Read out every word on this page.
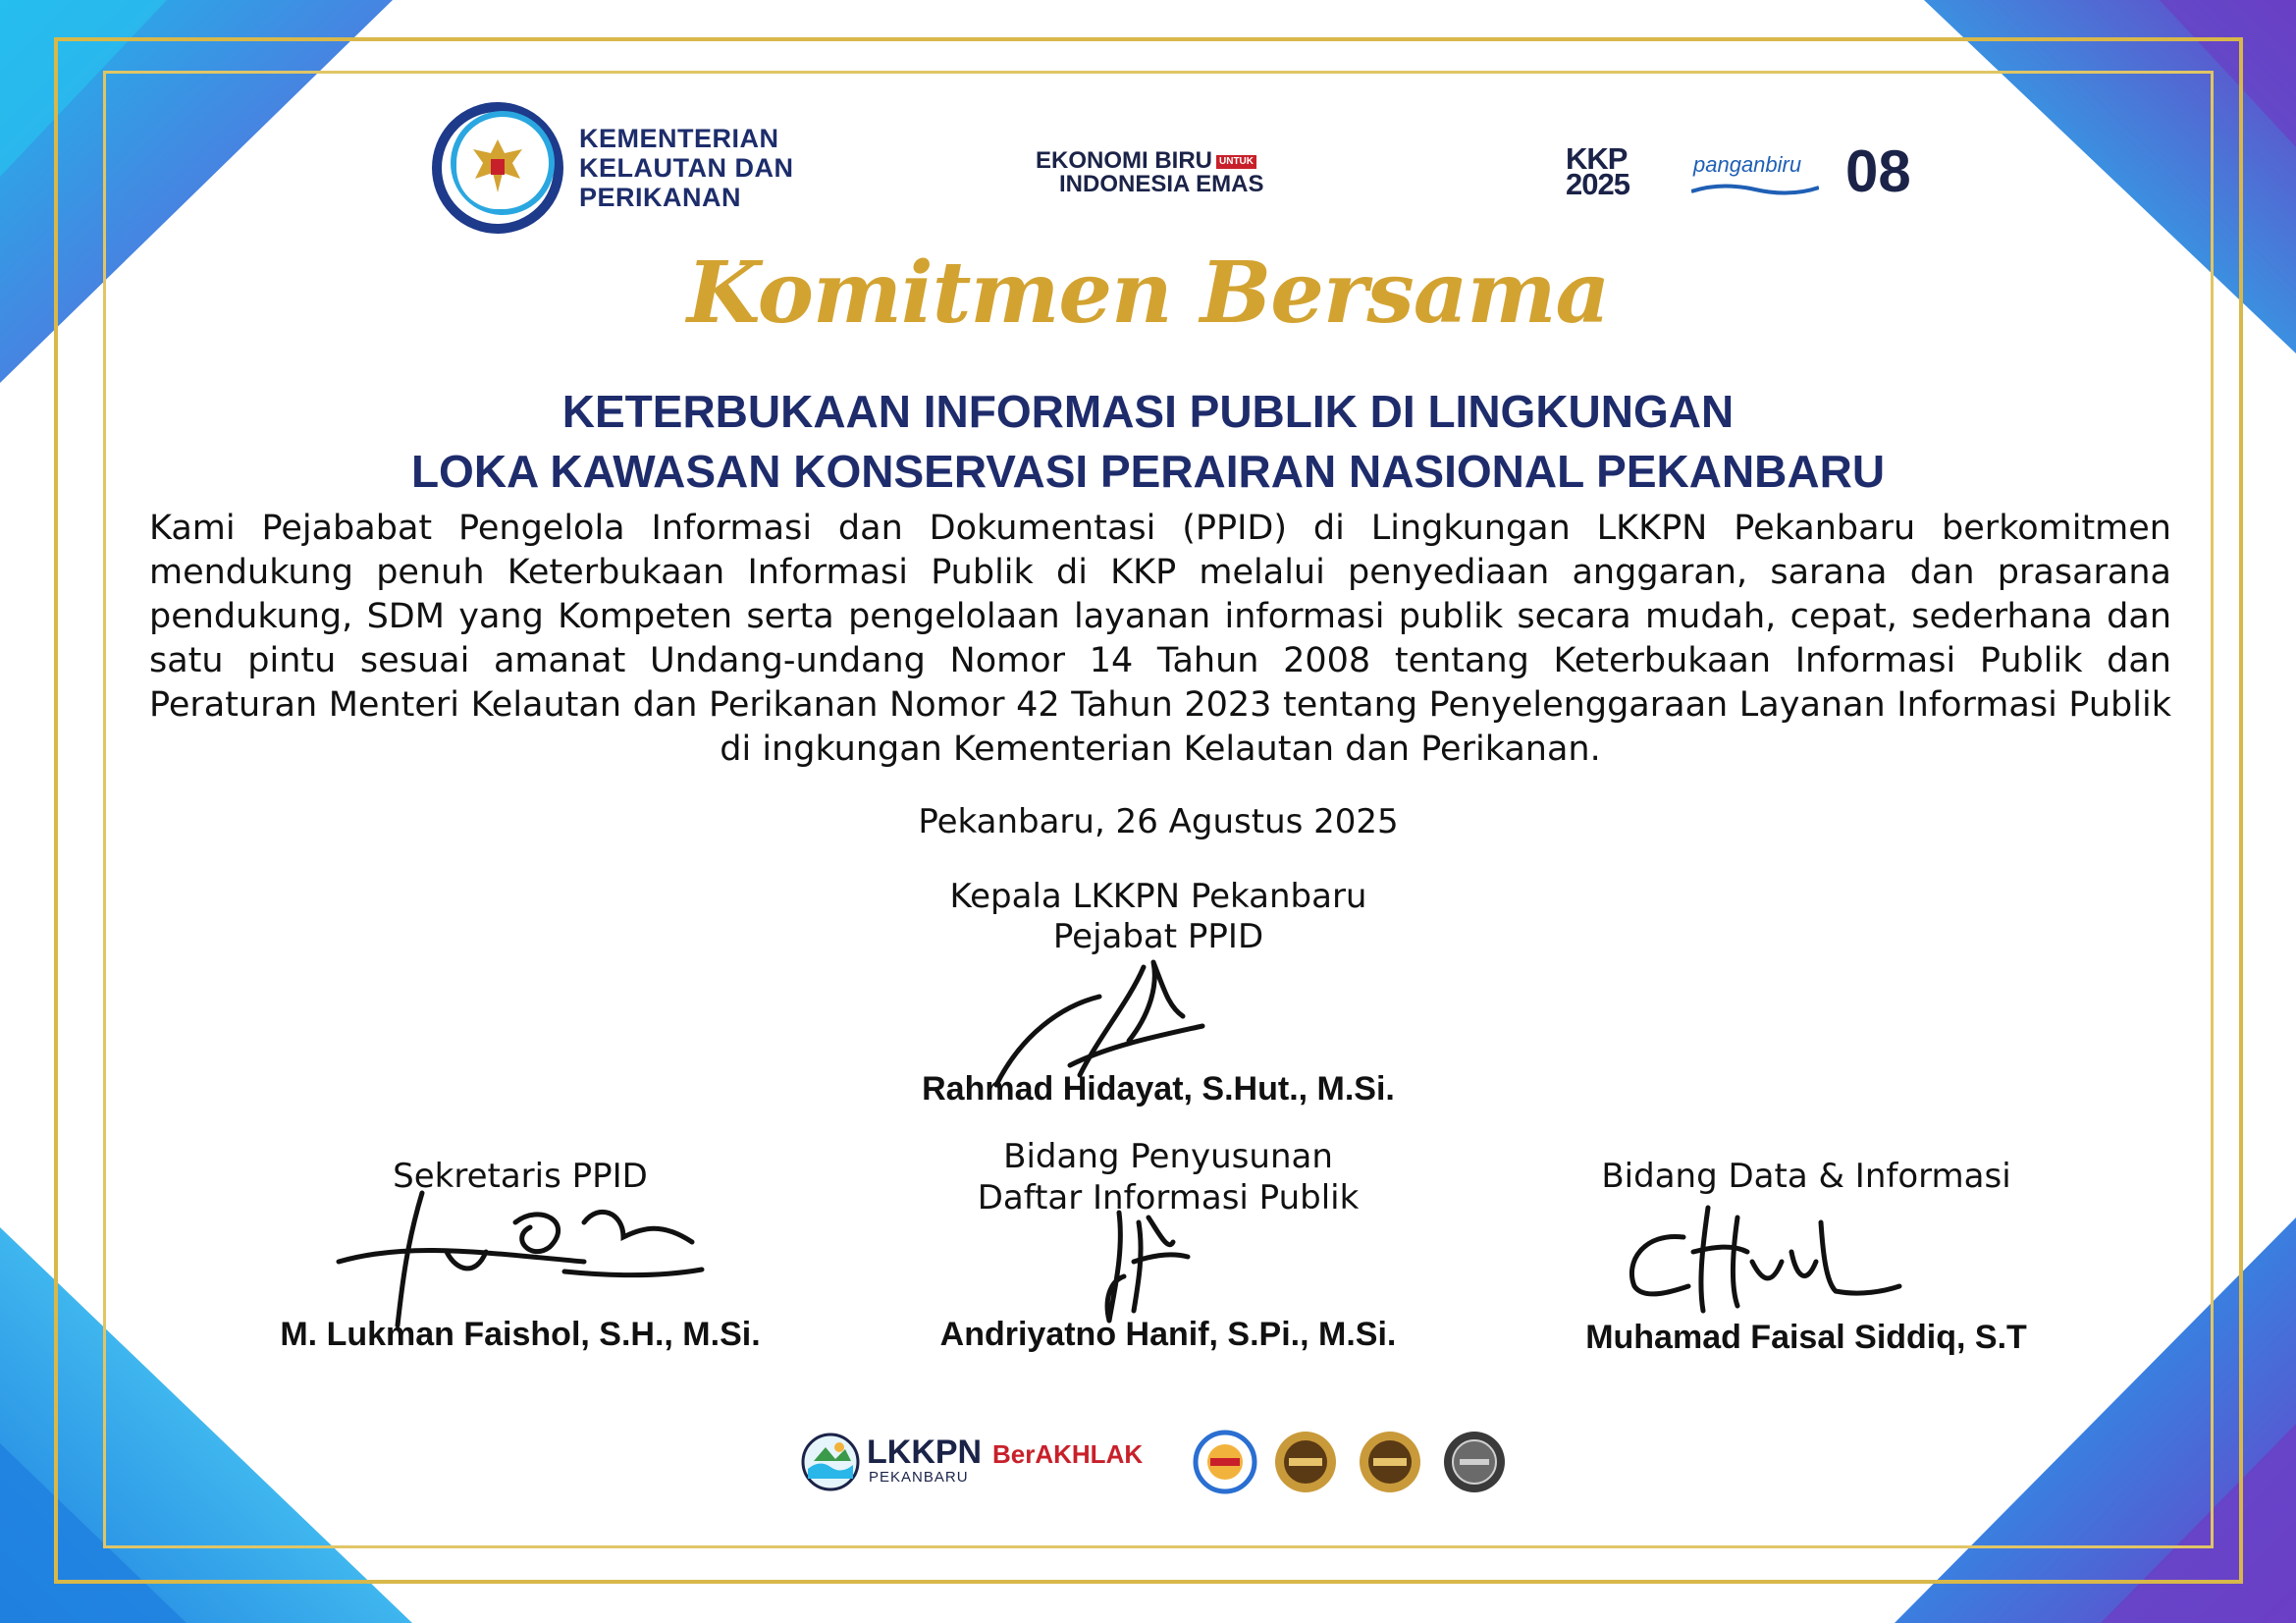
KEMENTERIAN
KELAUTAN DAN
PERIKANAN
EKONOMI BIRU UNTUK
INDONESIA EMAS
KKP
2025
panganbiru 08
Komitmen Bersama
KETERBUKAAN INFORMASI PUBLIK DI LINGKUNGAN
LOKA KAWASAN KONSERVASI PERAIRAN NASIONAL PEKANBARU
Kami Pejababat Pengelola Informasi dan Dokumentasi (PPID) di Lingkungan LKKPN Pekanbaru berkomitmen mendukung penuh Keterbukaan Informasi Publik di KKP melalui penyediaan anggaran, sarana dan prasarana pendukung, SDM yang Kompeten serta pengelolaan layanan informasi publik secara mudah, cepat, sederhana dan satu pintu sesuai amanat Undang-undang Nomor 14 Tahun 2008 tentang Keterbukaan Informasi Publik dan Peraturan Menteri Kelautan dan Perikanan Nomor 42 Tahun 2023 tentang Penyelenggaraan Layanan Informasi Publik di ingkungan Kementerian Kelautan dan Perikanan.
Pekanbaru, 26 Agustus 2025
Kepala LKKPN Pekanbaru
Pejabat PPID
Rahmad Hidayat, S.Hut., M.Si.
Sekretaris PPID
M. Lukman Faishol, S.H., M.Si.
Bidang Penyusunan
Daftar Informasi Publik
Andriyatno Hanif, S.Pi., M.Si.
Bidang Data & Informasi
Muhamad Faisal Siddiq, S.T
LKKPN
PEKANBARU
BerAKHLAK
